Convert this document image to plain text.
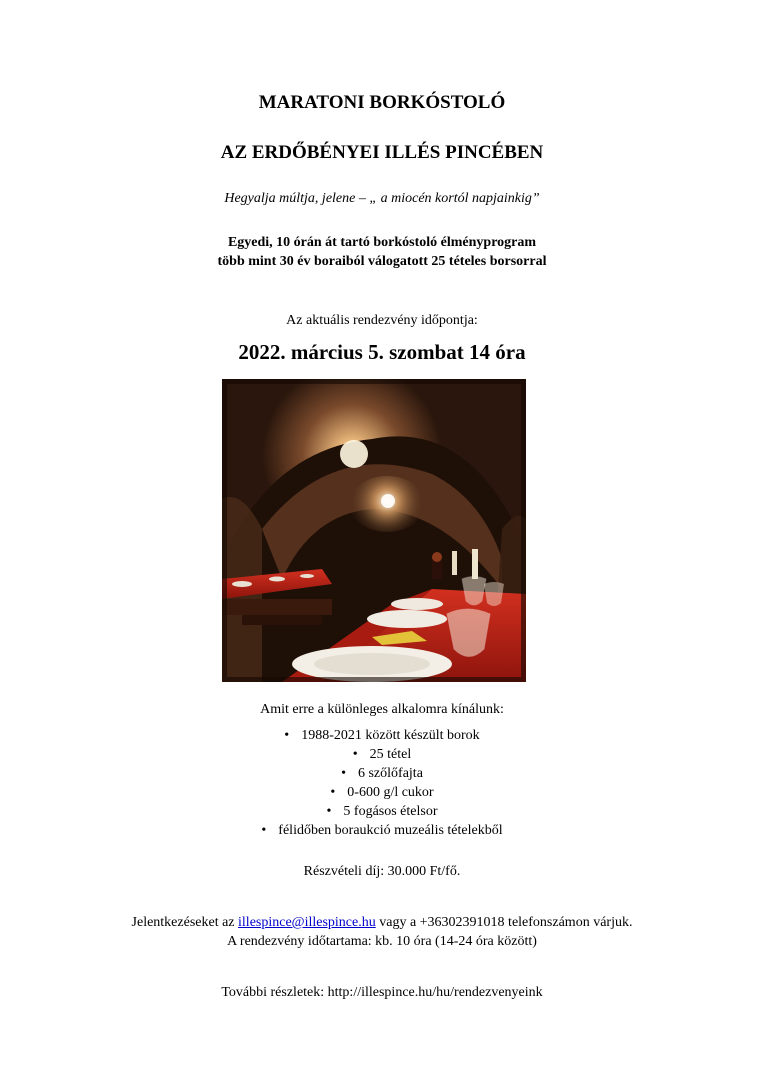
MARATONI BORKÓSTOLÓ
AZ ERDŐBÉNYEI ILLÉS PINCÉBEN
Hegyalja múltja, jelene – „ a miocén kortól napjainkig”
Egyedi, 10 órán át tartó borkóstoló élményprogram
több mint 30 év boraiból válogatott 25 tételes borsorral
Az aktuális rendezvény időpontja:
2022. március 5. szombat 14 óra
Amit erre a különleges alkalomra kínálunk:
• 1988-2021 között készült borok
• 25 tétel
• 6 szőlőfajta
• 0-600 g/l cukor
• 5 fogásos ételsor
• félidőben boraukció muzeális tételekből
Részvételi díj: 30.000 Ft/fő.
Jelentkezéseket az illespince@illespince.hu vagy a +36302391018 telefonszámon várjuk.
A rendezvény időtartama: kb. 10 óra (14-24 óra között)
További részletek: http://illespince.hu/hu/rendezvenyeink
